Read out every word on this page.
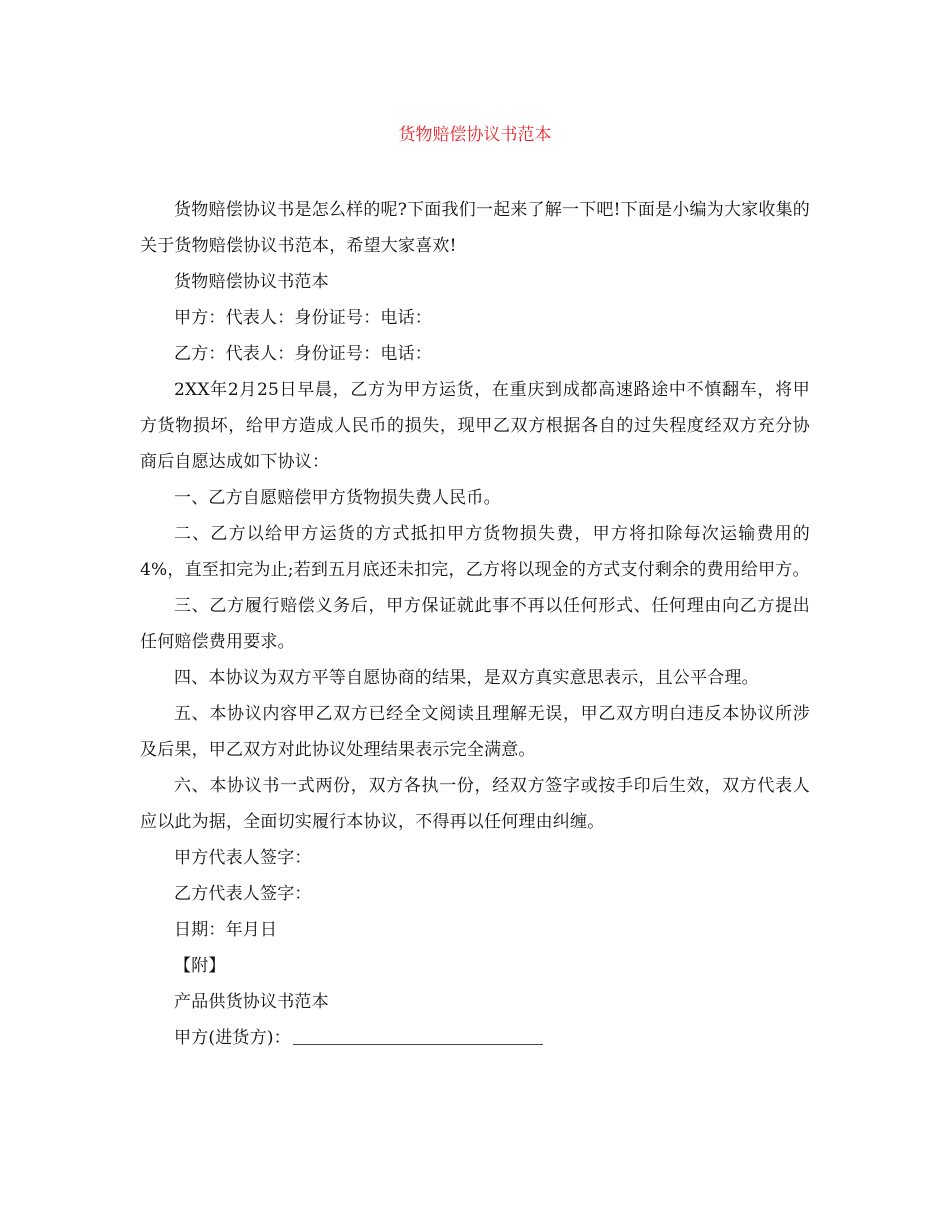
货物赔偿协议书范本

货物赔偿协议书是怎么样的呢?下面我们一起来了解一下吧!下面是小编为大家收集的关于货物赔偿协议书范本，希望大家喜欢!

货物赔偿协议书范本

甲方：代表人：身份证号：电话：

乙方：代表人：身份证号：电话：

2XX年2月25日早晨，乙方为甲方运货，在重庆到成都高速路途中不慎翻车，将甲方货物损坏，给甲方造成人民币的损失，现甲乙双方根据各自的过失程度经双方充分协商后自愿达成如下协议：

一、乙方自愿赔偿甲方货物损失费人民币。

二、乙方以给甲方运货的方式抵扣甲方货物损失费，甲方将扣除每次运输费用的4%，直至扣完为止;若到五月底还未扣完，乙方将以现金的方式支付剩余的费用给甲方。

三、乙方履行赔偿义务后，甲方保证就此事不再以任何形式、任何理由向乙方提出任何赔偿费用要求。

四、本协议为双方平等自愿协商的结果，是双方真实意思表示，且公平合理。

五、本协议内容甲乙双方已经全文阅读且理解无误，甲乙双方明白违反本协议所涉及后果，甲乙双方对此协议处理结果表示完全满意。

六、本协议书一式两份，双方各执一份，经双方签字或按手印后生效，双方代表人应以此为据，全面切实履行本协议，不得再以任何理由纠缠。

甲方代表人签字：

乙方代表人签字：

日期：年月日

【附】

产品供货协议书范本

甲方(进货方)：
